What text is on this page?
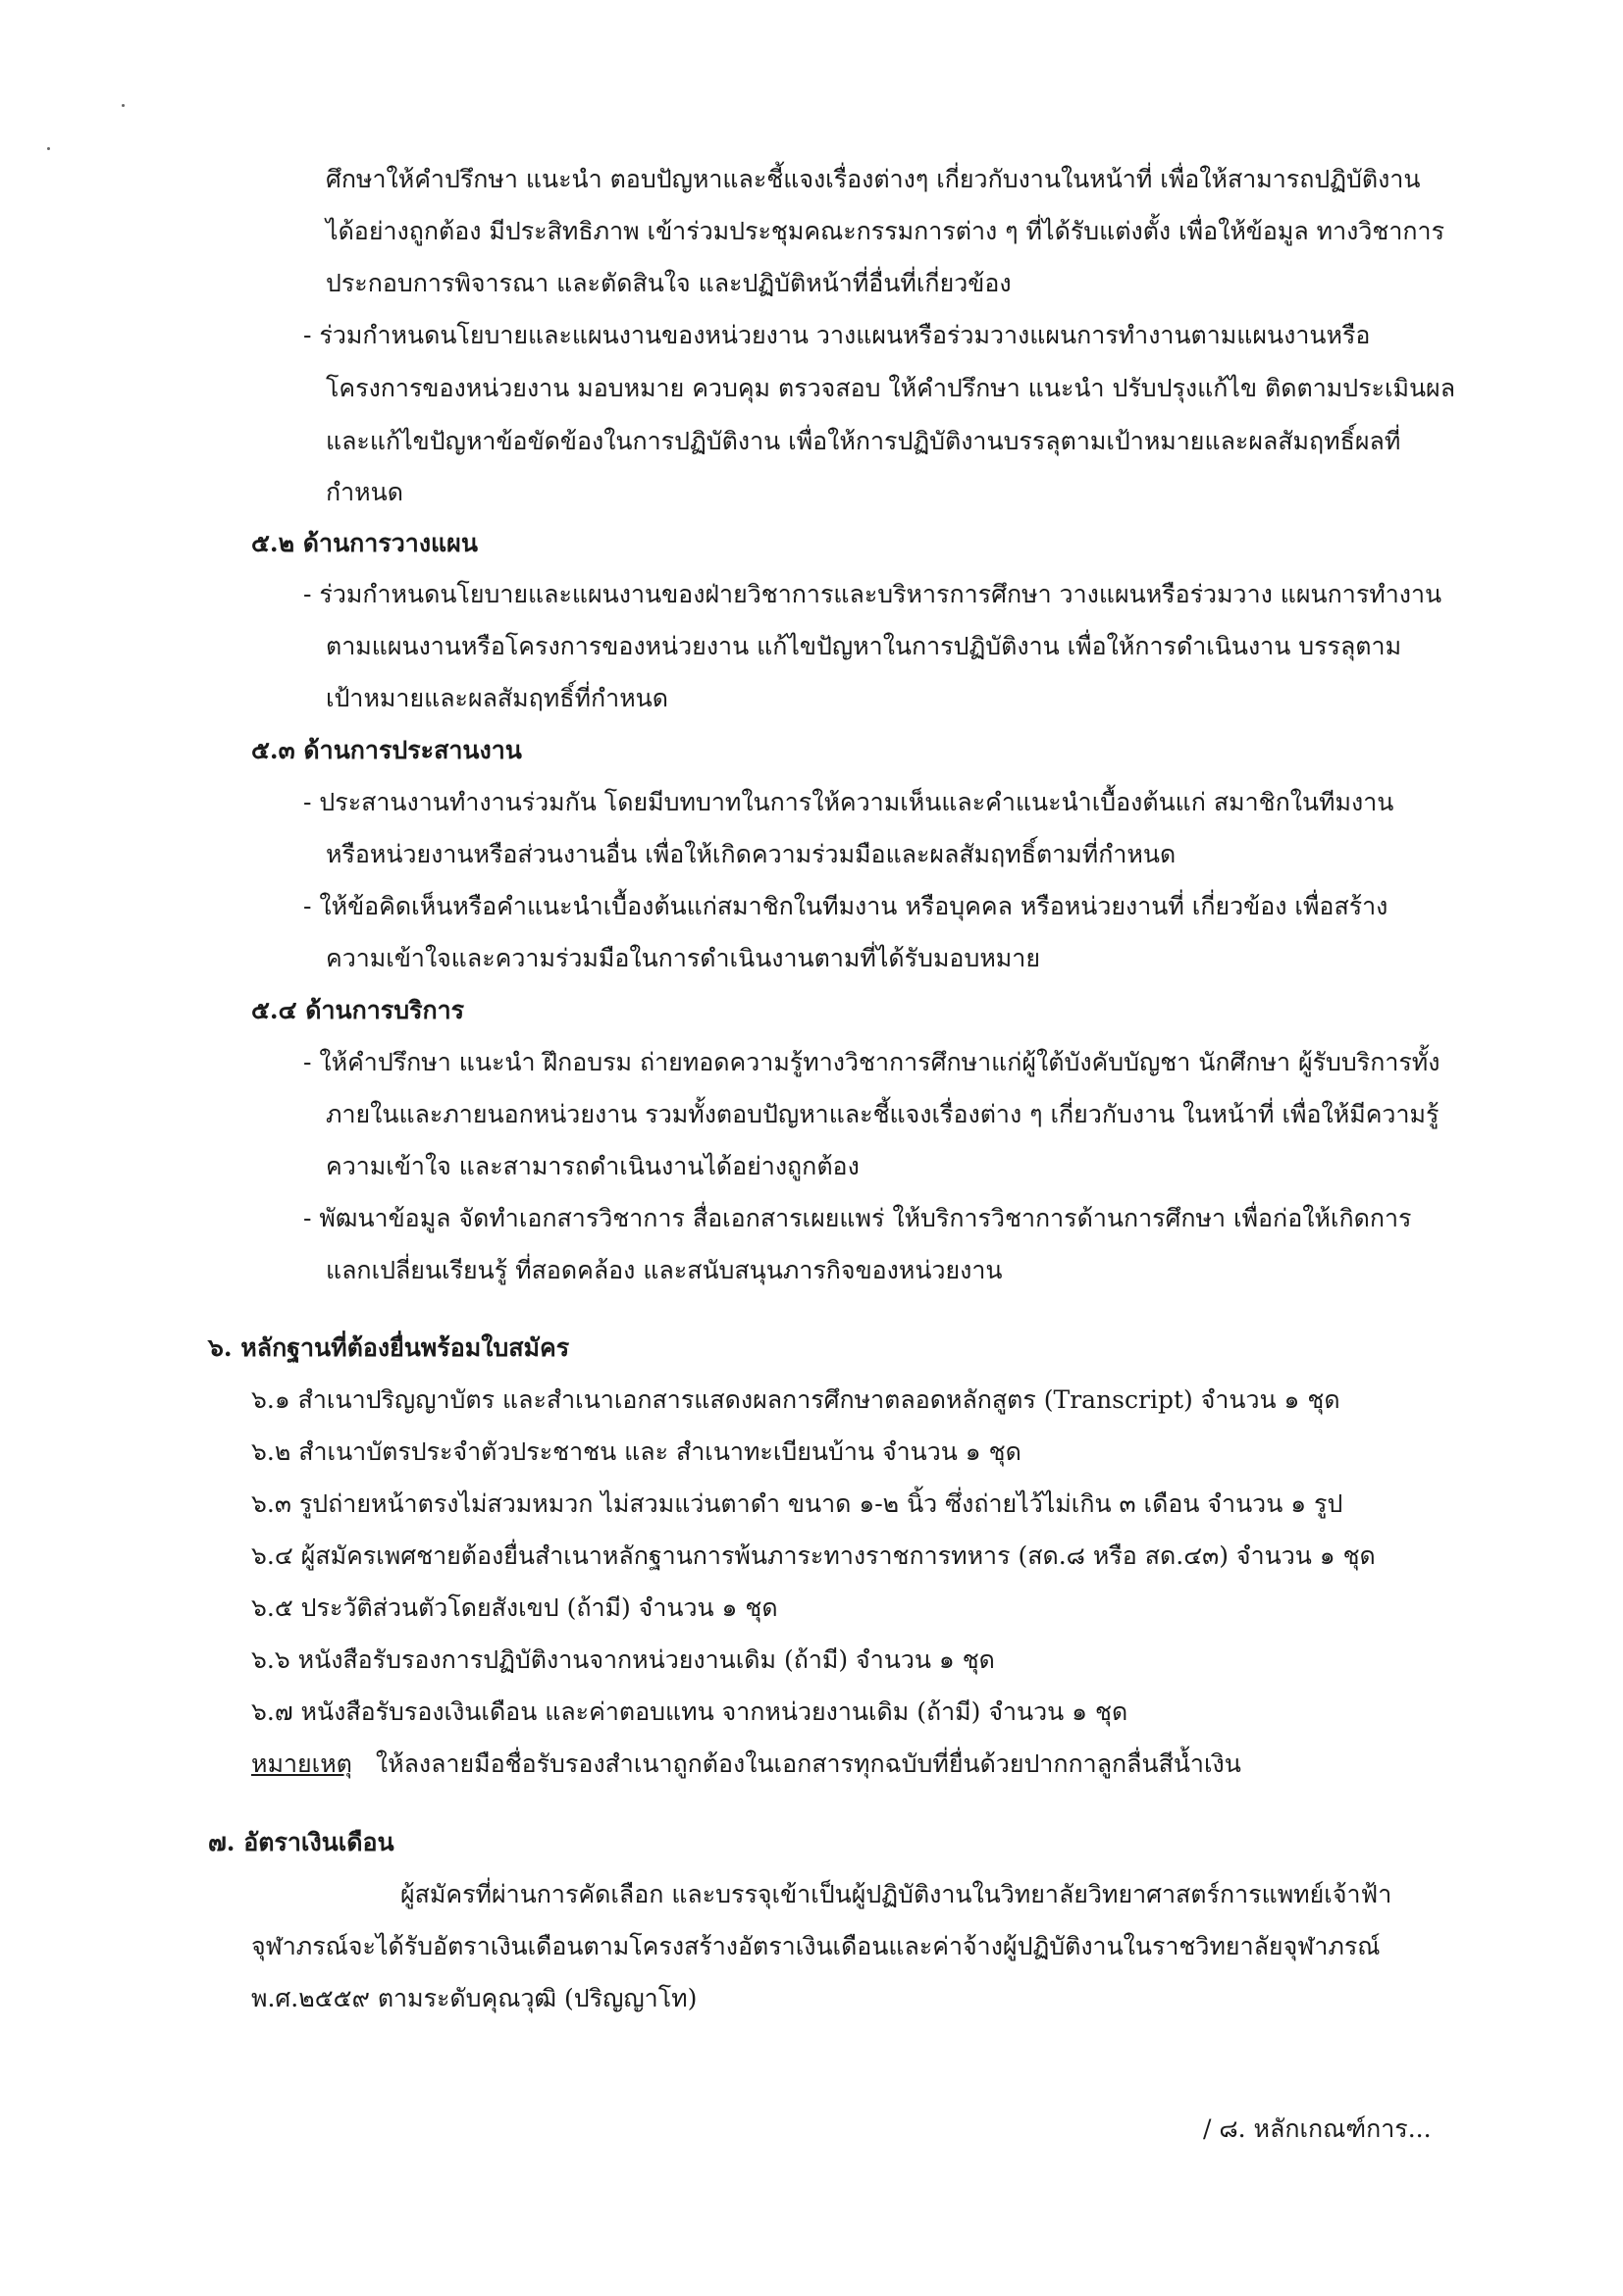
ศึกษาให้คำปรึกษา แนะนำ ตอบปัญหาและชี้แจงเรื่องต่างๆ เกี่ยวกับงานในหน้าที่ เพื่อให้สามารถปฏิบัติงาน
ได้อย่างถูกต้อง มีประสิทธิภาพ เข้าร่วมประชุมคณะกรรมการต่าง ๆ ที่ได้รับแต่งตั้ง เพื่อให้ข้อมูล ทางวิชาการ
ประกอบการพิจารณา และตัดสินใจ และปฏิบัติหน้าที่อื่นที่เกี่ยวข้อง
- ร่วมกำหนดนโยบายและแผนงานของหน่วยงาน วางแผนหรือร่วมวางแผนการทำงานตามแผนงานหรือ
โครงการของหน่วยงาน มอบหมาย ควบคุม ตรวจสอบ ให้คำปรึกษา แนะนำ ปรับปรุงแก้ไข ติดตามประเมินผล
และแก้ไขปัญหาข้อขัดข้องในการปฏิบัติงาน เพื่อให้การปฏิบัติงานบรรลุตามเป้าหมายและผลสัมฤทธิ์ผลที่
กำหนด
๕.๒ ด้านการวางแผน
- ร่วมกำหนดนโยบายและแผนงานของฝ่ายวิชาการและบริหารการศึกษา วางแผนหรือร่วมวาง แผนการทำงาน
ตามแผนงานหรือโครงการของหน่วยงาน แก้ไขปัญหาในการปฏิบัติงาน เพื่อให้การดำเนินงาน บรรลุตาม
เป้าหมายและผลสัมฤทธิ์ที่กำหนด
๕.๓ ด้านการประสานงาน
- ประสานงานทำงานร่วมกัน โดยมีบทบาทในการให้ความเห็นและคำแนะนำเบื้องต้นแก่ สมาชิกในทีมงาน
หรือหน่วยงานหรือส่วนงานอื่น เพื่อให้เกิดความร่วมมือและผลสัมฤทธิ์ตามที่กำหนด
- ให้ข้อคิดเห็นหรือคำแนะนำเบื้องต้นแก่สมาชิกในทีมงาน หรือบุคคล หรือหน่วยงานที่ เกี่ยวข้อง เพื่อสร้าง
ความเข้าใจและความร่วมมือในการดำเนินงานตามที่ได้รับมอบหมาย
๕.๔ ด้านการบริการ
- ให้คำปรึกษา แนะนำ ฝึกอบรม ถ่ายทอดความรู้ทางวิชาการศึกษาแก่ผู้ใต้บังคับบัญชา นักศึกษา ผู้รับบริการทั้ง
ภายในและภายนอกหน่วยงาน รวมทั้งตอบปัญหาและชี้แจงเรื่องต่าง ๆ เกี่ยวกับงาน ในหน้าที่ เพื่อให้มีความรู้
ความเข้าใจ และสามารถดำเนินงานได้อย่างถูกต้อง
- พัฒนาข้อมูล จัดทำเอกสารวิชาการ สื่อเอกสารเผยแพร่ ให้บริการวิชาการด้านการศึกษา เพื่อก่อให้เกิดการ
แลกเปลี่ยนเรียนรู้ ที่สอดคล้อง และสนับสนุนภารกิจของหน่วยงาน
๖. หลักฐานที่ต้องยื่นพร้อมใบสมัคร
๖.๑ สำเนาปริญญาบัตร และสำเนาเอกสารแสดงผลการศึกษาตลอดหลักสูตร (Transcript) จำนวน ๑ ชุด
๖.๒ สำเนาบัตรประจำตัวประชาชน และ สำเนาทะเบียนบ้าน จำนวน ๑ ชุด
๖.๓ รูปถ่ายหน้าตรงไม่สวมหมวก ไม่สวมแว่นตาดำ ขนาด ๑-๒ นิ้ว ซึ่งถ่ายไว้ไม่เกิน ๓ เดือน จำนวน ๑ รูป
๖.๔ ผู้สมัครเพศชายต้องยื่นสำเนาหลักฐานการพ้นภาระทางราชการทหาร (สด.๘ หรือ สด.๔๓) จำนวน ๑ ชุด
๖.๕ ประวัติส่วนตัวโดยสังเขป (ถ้ามี) จำนวน ๑ ชุด
๖.๖ หนังสือรับรองการปฏิบัติงานจากหน่วยงานเดิม (ถ้ามี) จำนวน ๑ ชุด
๖.๗ หนังสือรับรองเงินเดือน และค่าตอบแทน จากหน่วยงานเดิม (ถ้ามี) จำนวน ๑ ชุด
หมายเหตุ ให้ลงลายมือชื่อรับรองสำเนาถูกต้องในเอกสารทุกฉบับที่ยื่นด้วยปากกาลูกลื่นสีน้ำเงิน
๗. อัตราเงินเดือน
ผู้สมัครที่ผ่านการคัดเลือก และบรรจุเข้าเป็นผู้ปฏิบัติงานในวิทยาลัยวิทยาศาสตร์การแพทย์เจ้าฟ้า
จุฬาภรณ์จะได้รับอัตราเงินเดือนตามโครงสร้างอัตราเงินเดือนและค่าจ้างผู้ปฏิบัติงานในราชวิทยาลัยจุฬาภรณ์
พ.ศ.๒๕๕๙ ตามระดับคุณวุฒิ (ปริญญาโท)
/ ๘. หลักเกณฑ์การ...
